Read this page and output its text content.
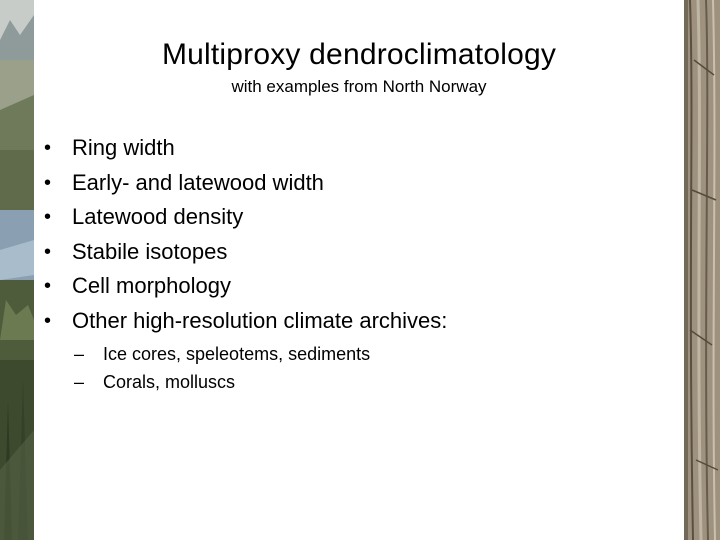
Multiproxy dendroclimatology
with examples from North Norway
• Ring width
• Early- and latewood width
• Latewood density
• Stabile isotopes
• Cell morphology
• Other high-resolution climate archives:
– Ice cores, speleotems, sediments
– Corals, molluscs
